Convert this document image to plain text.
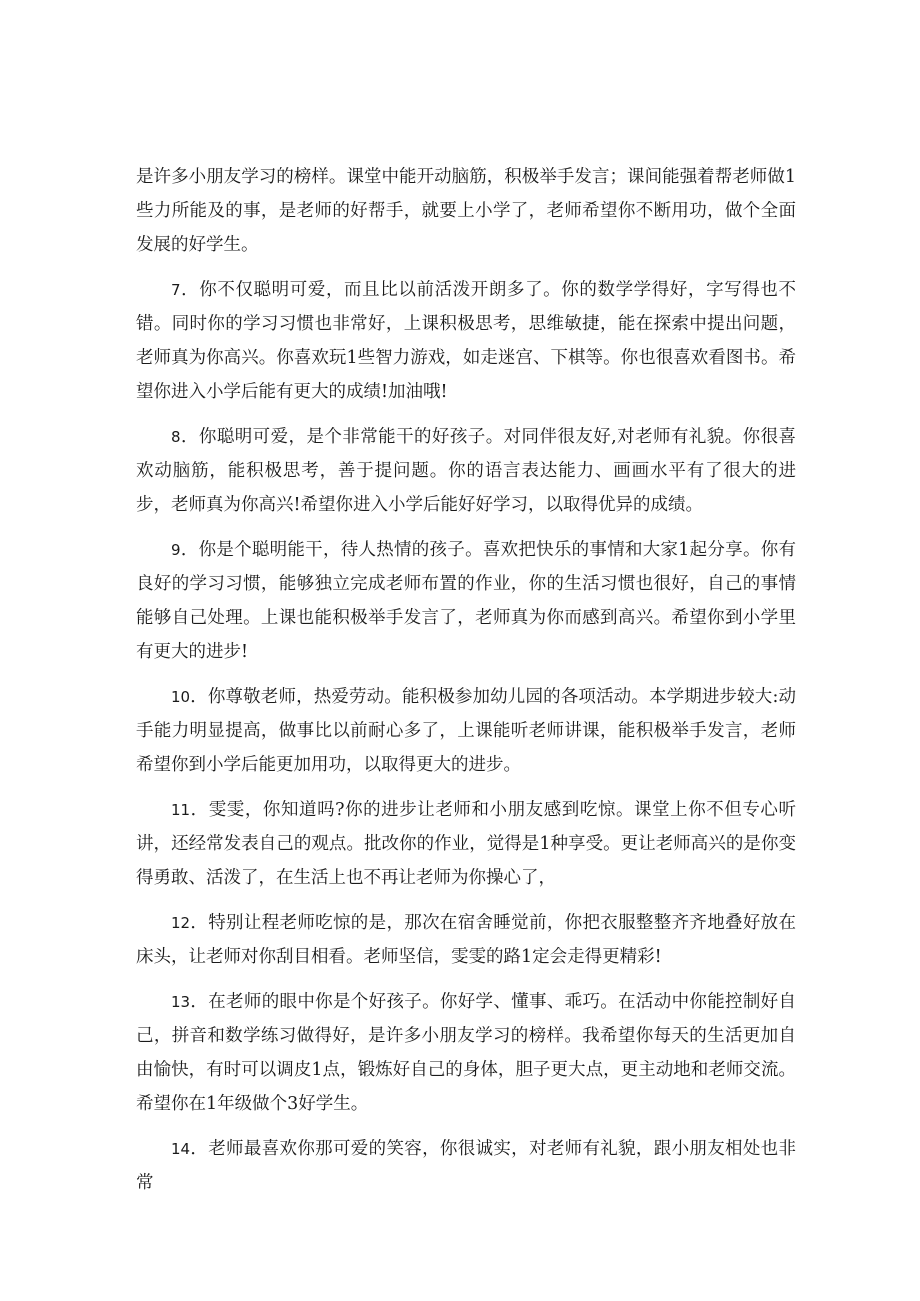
是许多小朋友学习的榜样。课堂中能开动脑筋，积极举手发言；课间能强着帮老师做1些力所能及的事，是老师的好帮手，就要上小学了，老师希望你不断用功，做个全面发展的好学生。

7．你不仅聪明可爱，而且比以前活泼开朗多了。你的数学学得好，字写得也不错。同时你的学习习惯也非常好，上课积极思考，思维敏捷，能在探索中提出问题，老师真为你高兴。你喜欢玩1些智力游戏，如走迷宫、下棋等。你也很喜欢看图书。希望你进入小学后能有更大的成绩!加油哦!

8．你聪明可爱，是个非常能干的好孩子。对同伴很友好,对老师有礼貌。你很喜欢动脑筋，能积极思考，善于提问题。你的语言表达能力、画画水平有了很大的进步，老师真为你高兴!希望你进入小学后能好好学习，以取得优异的成绩。

9．你是个聪明能干，待人热情的孩子。喜欢把快乐的事情和大家1起分享。你有良好的学习习惯，能够独立完成老师布置的作业，你的生活习惯也很好，自己的事情能够自己处理。上课也能积极举手发言了，老师真为你而感到高兴。希望你到小学里有更大的进步!

10．你尊敬老师，热爱劳动。能积极参加幼儿园的各项活动。本学期进步较大:动手能力明显提高，做事比以前耐心多了，上课能听老师讲课，能积极举手发言，老师希望你到小学后能更加用功，以取得更大的进步。

11．雯雯，你知道吗?你的进步让老师和小朋友感到吃惊。课堂上你不但专心听讲，还经常发表自己的观点。批改你的作业，觉得是1种享受。更让老师高兴的是你变得勇敢、活泼了，在生活上也不再让老师为你操心了，

12．特别让程老师吃惊的是，那次在宿舍睡觉前，你把衣服整整齐齐地叠好放在床头，让老师对你刮目相看。老师坚信，雯雯的路1定会走得更精彩!

13．在老师的眼中你是个好孩子。你好学、懂事、乖巧。在活动中你能控制好自己，拼音和数学练习做得好，是许多小朋友学习的榜样。我希望你每天的生活更加自由愉快，有时可以调皮1点，锻炼好自己的身体，胆子更大点，更主动地和老师交流。希望你在1年级做个3好学生。

14．老师最喜欢你那可爱的笑容，你很诚实，对老师有礼貌，跟小朋友相处也非常
